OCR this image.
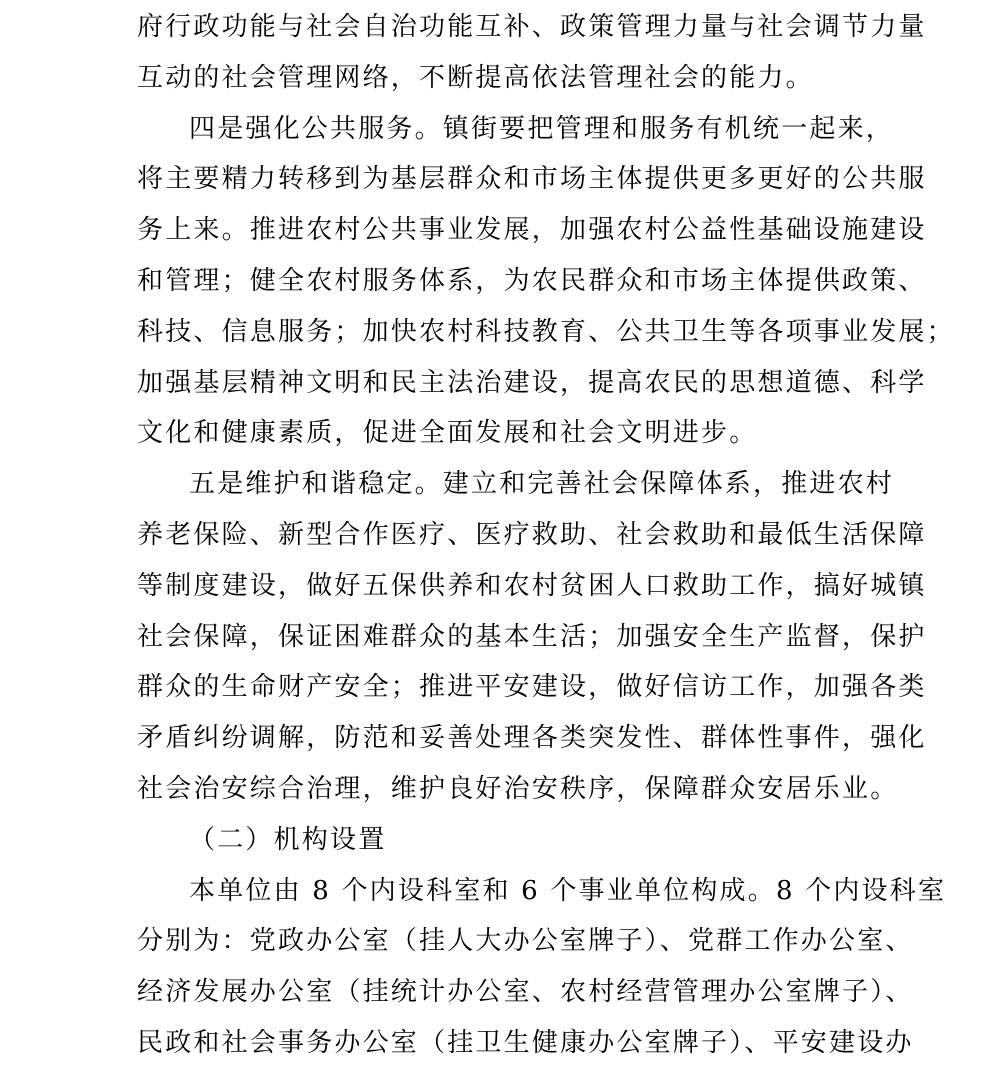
府行政功能与社会自治功能互补、政策管理力量与社会调节力量
互动的社会管理网络，不断提高依法管理社会的能力。
四是强化公共服务。镇街要把管理和服务有机统一起来，
将主要精力转移到为基层群众和市场主体提供更多更好的公共服
务上来。推进农村公共事业发展，加强农村公益性基础设施建设
和管理；健全农村服务体系，为农民群众和市场主体提供政策、
科技、信息服务；加快农村科技教育、公共卫生等各项事业发展；
加强基层精神文明和民主法治建设，提高农民的思想道德、科学
文化和健康素质，促进全面发展和社会文明进步。
五是维护和谐稳定。建立和完善社会保障体系，推进农村
养老保险、新型合作医疗、医疗救助、社会救助和最低生活保障
等制度建设，做好五保供养和农村贫困人口救助工作，搞好城镇
社会保障，保证困难群众的基本生活；加强安全生产监督，保护
群众的生命财产安全；推进平安建设，做好信访工作，加强各类
矛盾纠纷调解，防范和妥善处理各类突发性、群体性事件，强化
社会治安综合治理，维护良好治安秩序，保障群众安居乐业。
（二）机构设置
本单位由 8 个内设科室和 6 个事业单位构成。8 个内设科室
分别为：党政办公室（挂人大办公室牌子）、党群工作办公室、
经济发展办公室（挂统计办公室、农村经营管理办公室牌子）、
民政和社会事务办公室（挂卫生健康办公室牌子）、平安建设办
